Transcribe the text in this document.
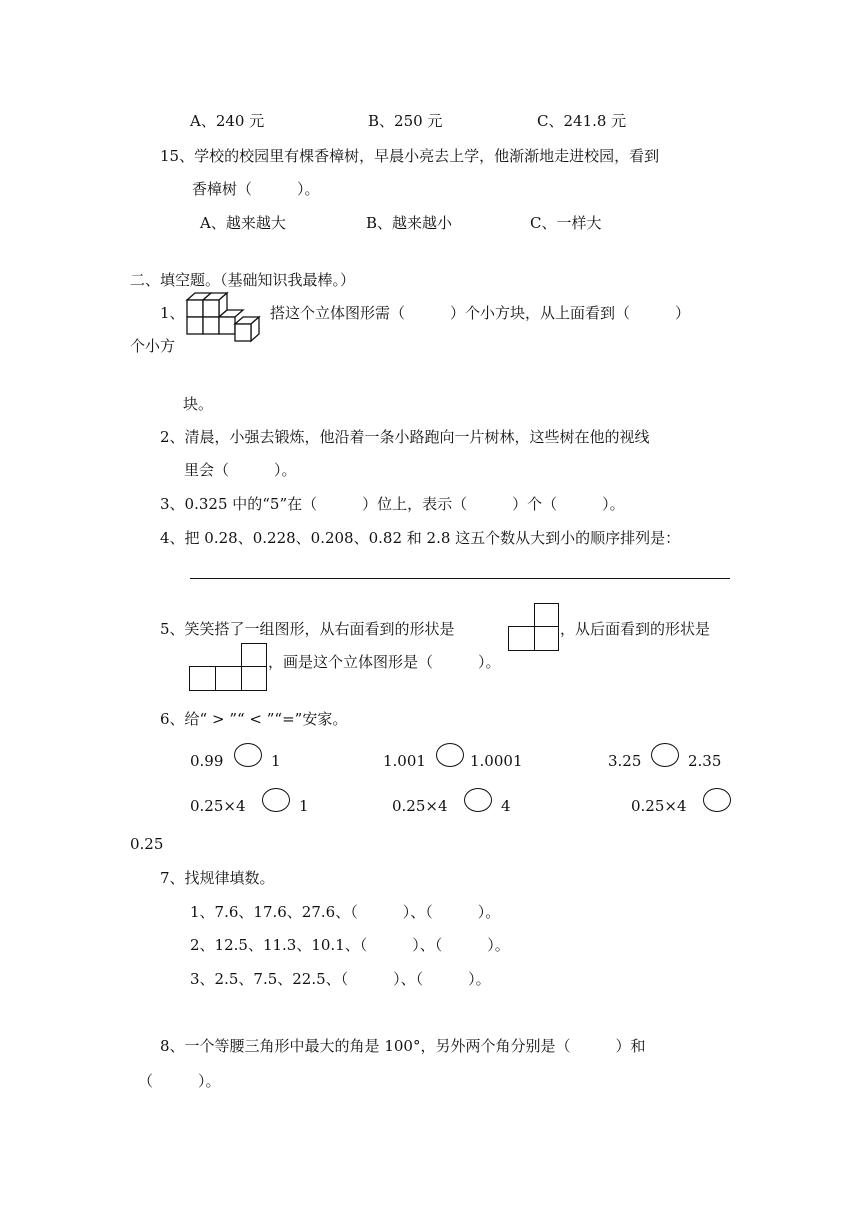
A、240 元	B、250 元	C、241.8 元
15、学校的校园里有棵香樟树，早晨小亮去上学，他渐渐地走进校园，看到
香樟树（　　　）。
A、越来越大	B、越来越小	C、一样大
二、填空题。（基础知识我最棒。）
1、	搭这个立体图形需（　　　）个小方块，从上面看到（　　　）
个小方
块。
2、清晨，小强去锻炼，他沿着一条小路跑向一片树林，这些树在他的视线
里会（　　　）。
3、0.325 中的“5”在（　　　）位上，表示（　　　）个（　　　）。
4、把 0.28、0.228、0.208、0.82 和 2.8 这五个数从大到小的顺序排列是：
5、笑笑搭了一组图形，从右面看到的形状是	，从后面看到的形状是
，画是这个立体图形是（　　　）。
6、给“ > ”“ < ”“=”安家。
0.99	1	1.001	1.0001	3.25	2.35
0.25×4	1	0.25×4	4	0.25×4
0.25
7、找规律填数。
1、7.6、17.6、27.6、（　　　）、（　　　）。
2、12.5、11.3、10.1、（　　　）、（　　　）。
3、2.5、7.5、22.5、（　　　）、（　　　）。
8、一个等腰三角形中最大的角是 100°，另外两个角分别是（　　　）和
（　　　）。
